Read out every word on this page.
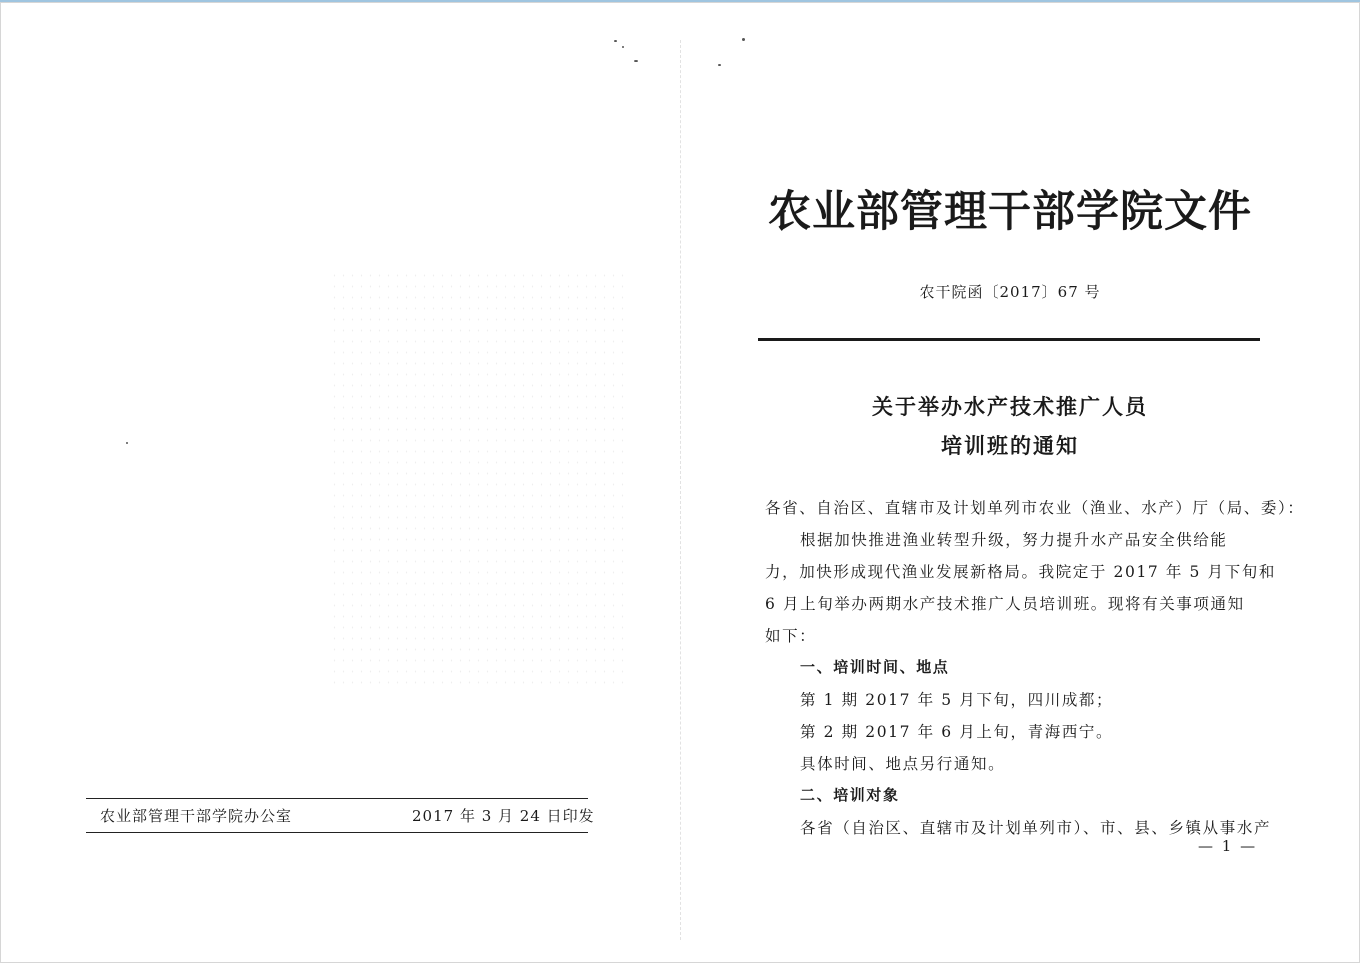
农业部管理干部学院办公室	2017 年 3 月 24 日印发
农业部管理干部学院文件
农干院函〔2017〕67 号
关于举办水产技术推广人员
培训班的通知
各省、自治区、直辖市及计划单列市农业（渔业、水产）厅（局、委）：
根据加快推进渔业转型升级，努力提升水产品安全供给能
力，加快形成现代渔业发展新格局。我院定于 2017 年 5 月下旬和
6 月上旬举办两期水产技术推广人员培训班。现将有关事项通知
如下：
一、培训时间、地点
第 1 期 2017 年 5 月下旬，四川成都；
第 2 期 2017 年 6 月上旬，青海西宁。
具体时间、地点另行通知。
二、培训对象
各省（自治区、直辖市及计划单列市）、市、县、乡镇从事水产
— 1 —
